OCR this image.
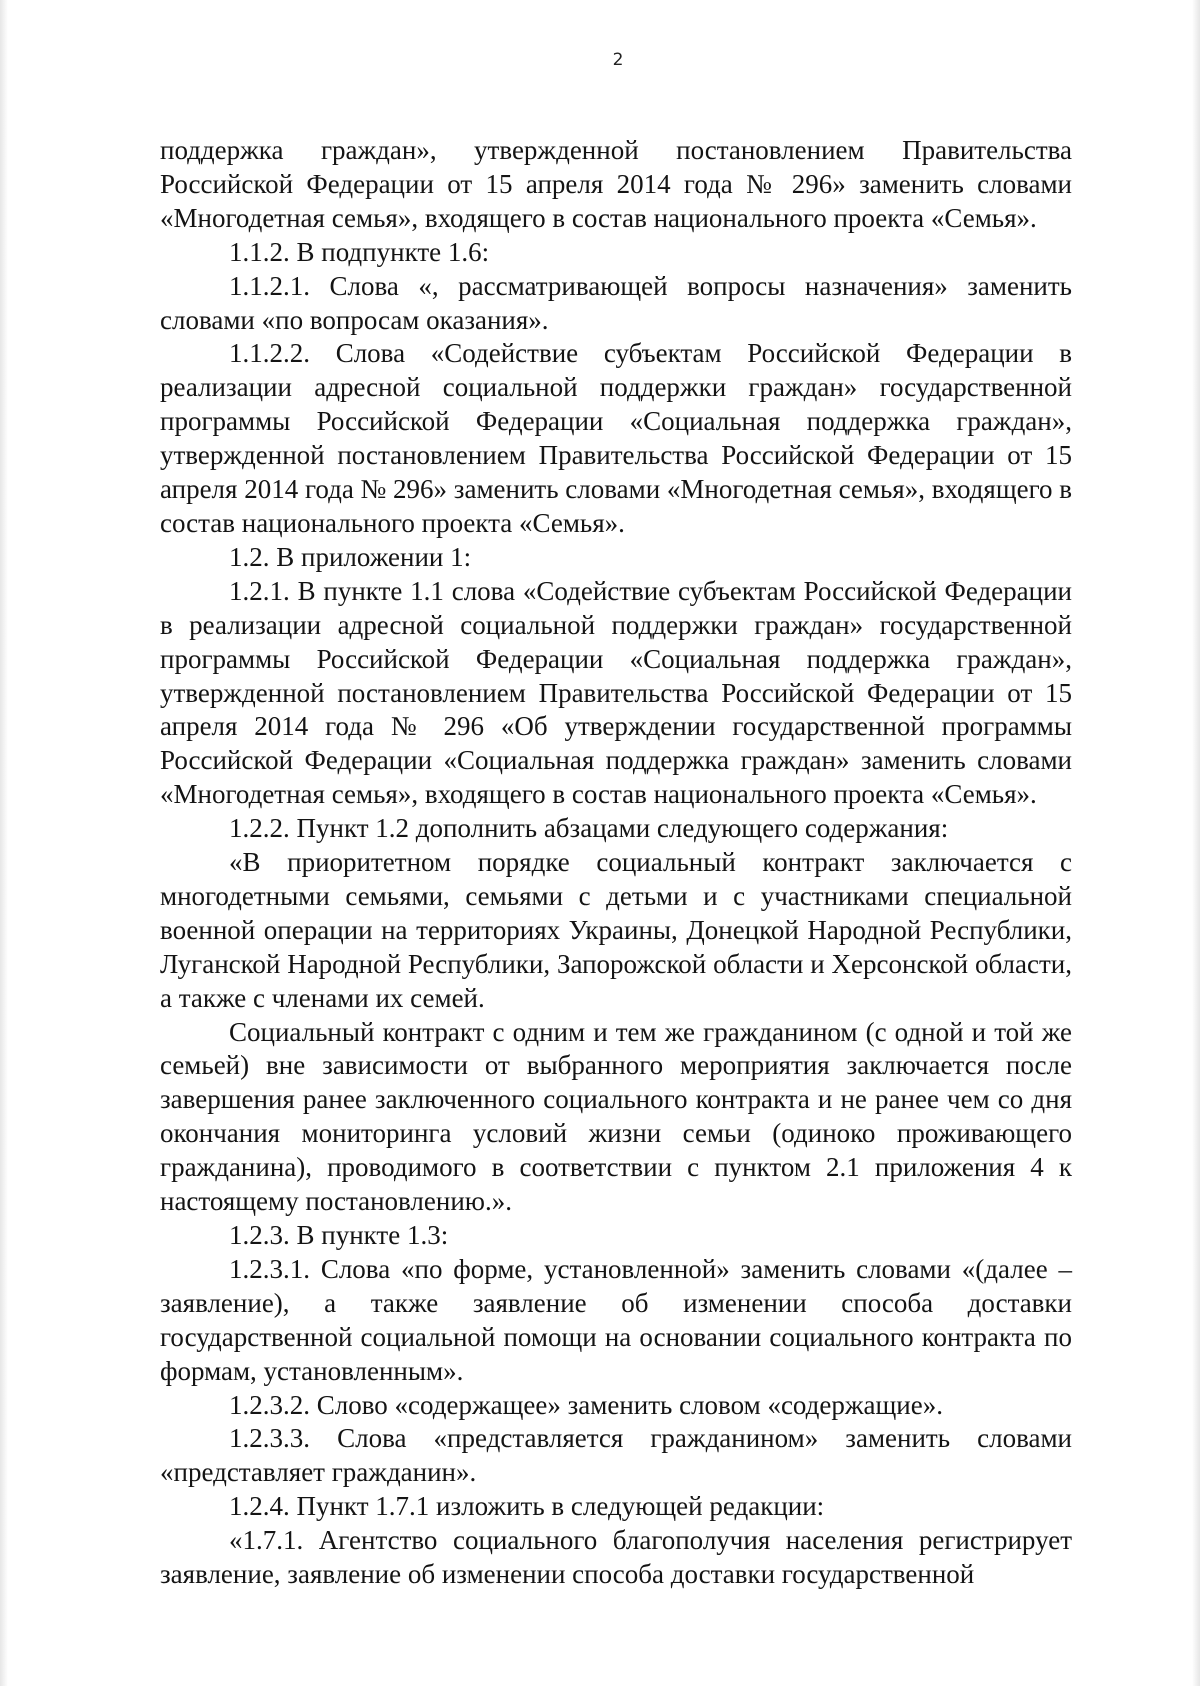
2

поддержка граждан», утвержденной постановлением Правительства Российской Федерации от 15 апреля 2014 года № 296» заменить словами «Многодетная семья», входящего в состав национального проекта «Семья».

1.1.2. В подпункте 1.6:

1.1.2.1. Слова «, рассматривающей вопросы назначения» заменить словами «по вопросам оказания».

1.1.2.2. Слова «Содействие субъектам Российской Федерации в реализации адресной социальной поддержки граждан» государственной программы Российской Федерации «Социальная поддержка граждан», утвержденной постановлением Правительства Российской Федерации от 15 апреля 2014 года № 296» заменить словами «Многодетная семья», входящего в состав национального проекта «Семья».

1.2. В приложении 1:

1.2.1. В пункте 1.1 слова «Содействие субъектам Российской Федерации в реализации адресной социальной поддержки граждан» государственной программы Российской Федерации «Социальная поддержка граждан», утвержденной постановлением Правительства Российской Федерации от 15 апреля 2014 года № 296 «Об утверждении государственной программы Российской Федерации «Социальная поддержка граждан» заменить словами «Многодетная семья», входящего в состав национального проекта «Семья».

1.2.2. Пункт 1.2 дополнить абзацами следующего содержания:

«В приоритетном порядке социальный контракт заключается с многодетными семьями, семьями с детьми и с участниками специальной военной операции на территориях Украины, Донецкой Народной Республики, Луганской Народной Республики, Запорожской области и Херсонской области, а также с членами их семей.

Социальный контракт с одним и тем же гражданином (с одной и той же семьей) вне зависимости от выбранного мероприятия заключается после завершения ранее заключенного социального контракта и не ранее чем со дня окончания мониторинга условий жизни семьи (одиноко проживающего гражданина), проводимого в соответствии с пунктом 2.1 приложения 4 к настоящему постановлению.».

1.2.3. В пункте 1.3:

1.2.3.1. Слова «по форме, установленной» заменить словами «(далее – заявление), а также заявление об изменении способа доставки государственной социальной помощи на основании социального контракта по формам, установленным».

1.2.3.2. Слово «содержащее» заменить словом «содержащие».

1.2.3.3. Слова «представляется гражданином» заменить словами «представляет гражданин».

1.2.4. Пункт 1.7.1 изложить в следующей редакции:

«1.7.1. Агентство социального благополучия населения регистрирует заявление, заявление об изменении способа доставки государственной
